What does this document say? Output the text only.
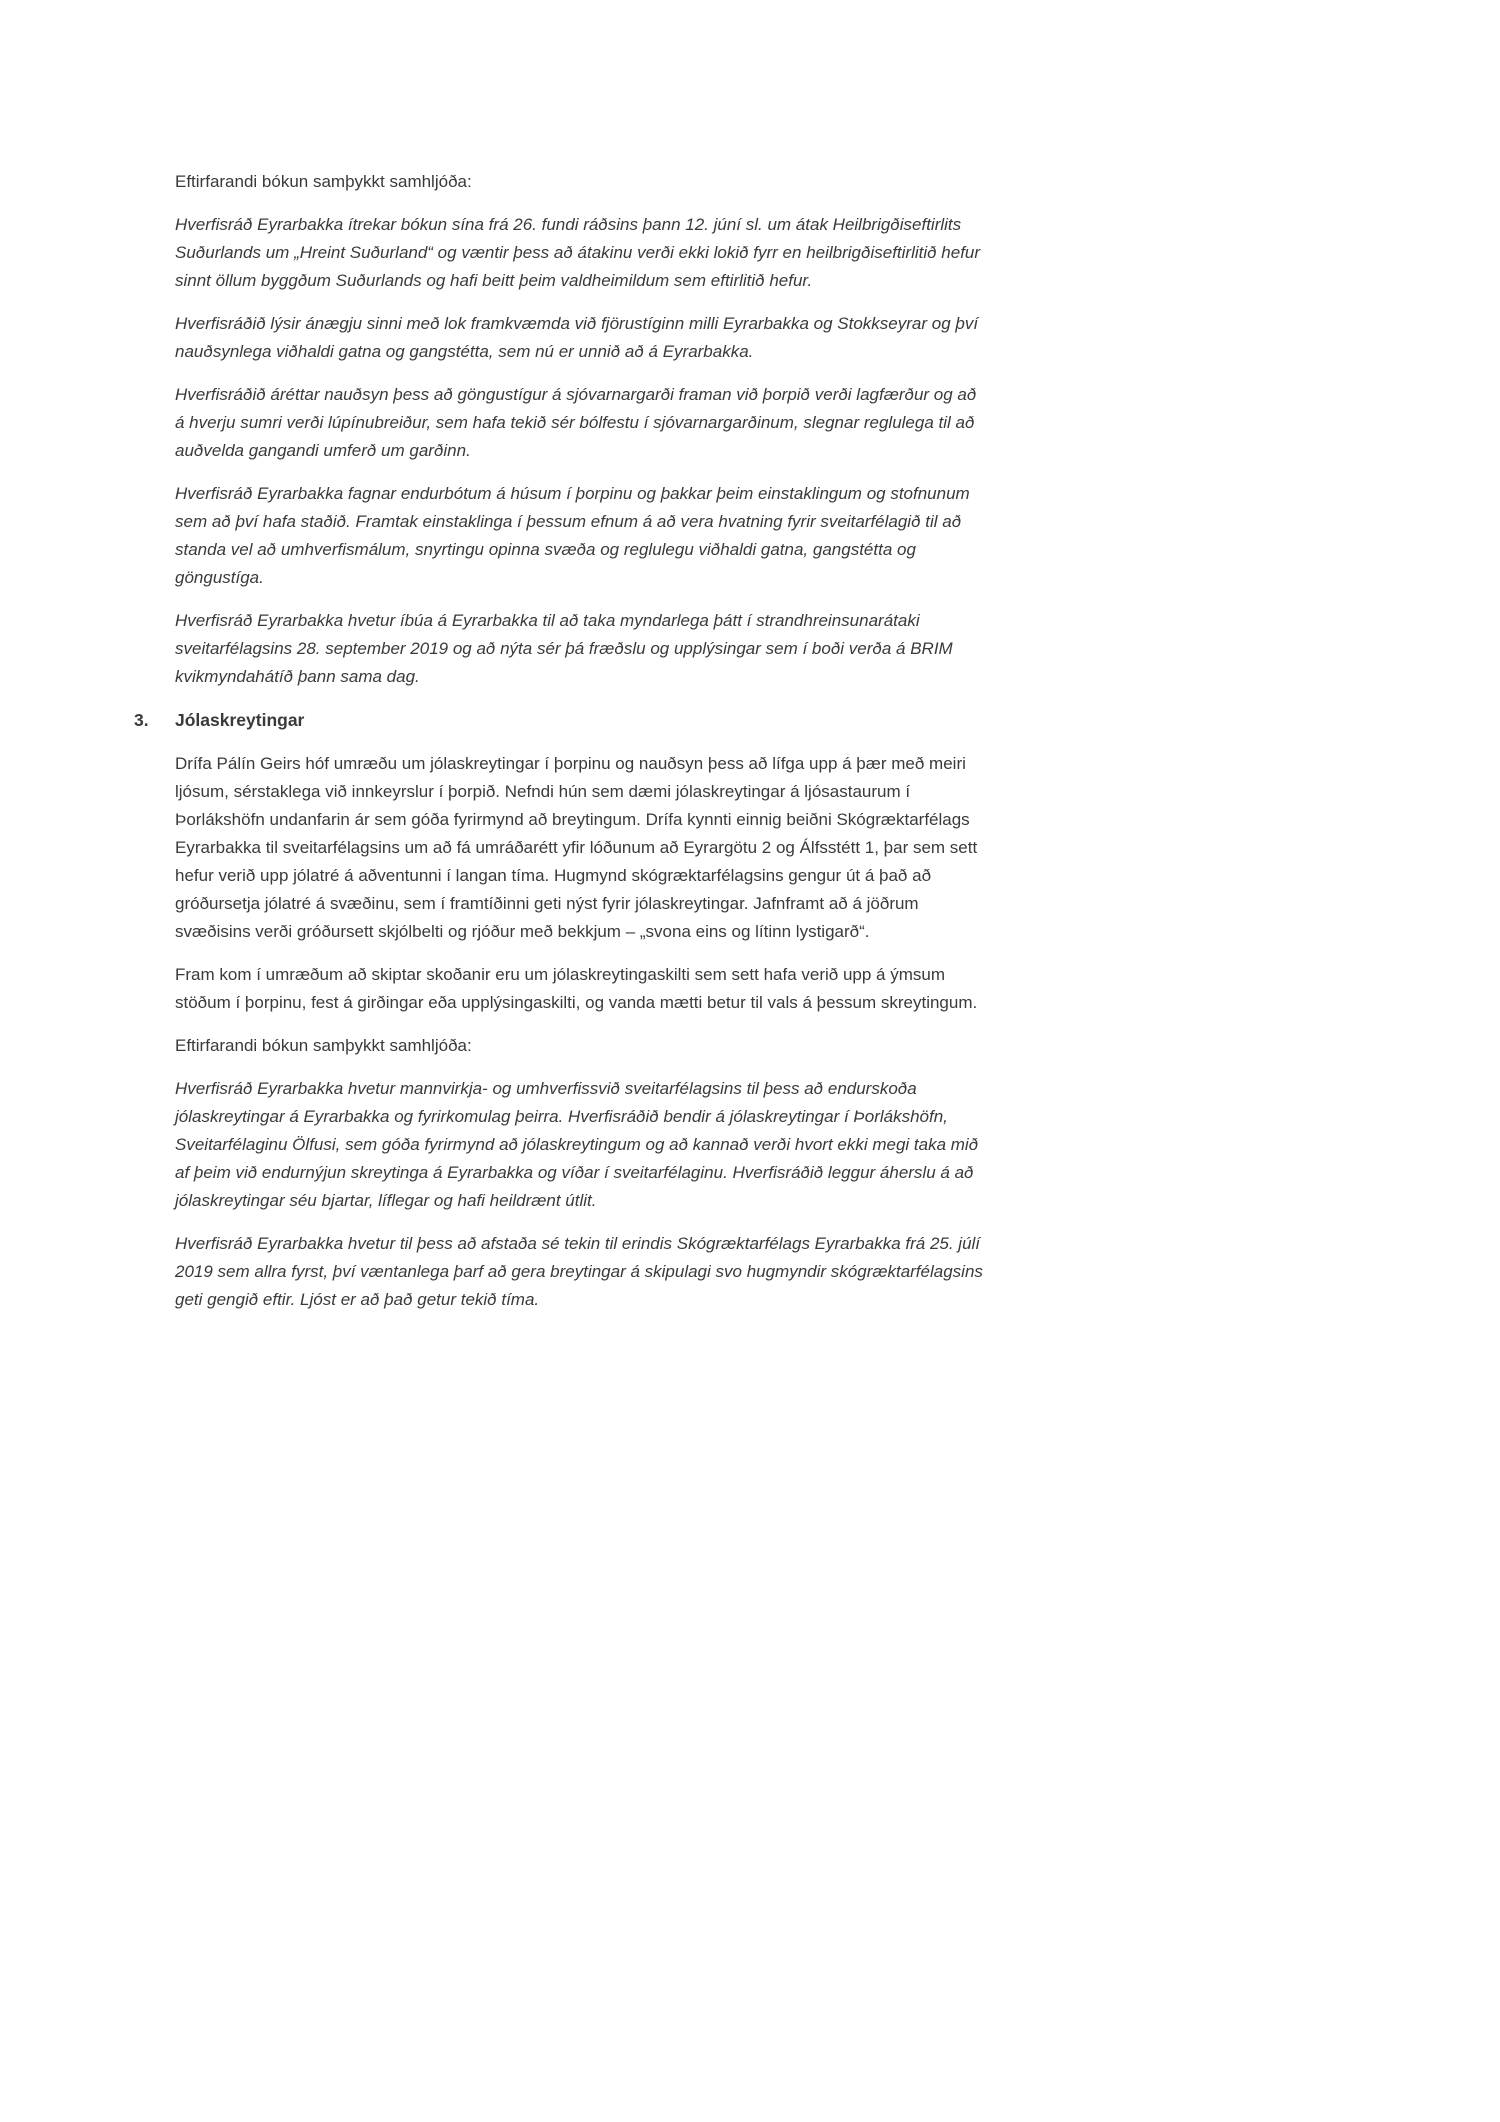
Eftirfarandi bókun samþykkt samhljóða:

Hverfisráð Eyrarbakka ítrekar bókun sína frá 26. fundi ráðsins þann 12. júní sl. um átak Heilbrigðiseftirlits Suðurlands um „Hreint Suðurland“ og væntir þess að átakinu verði ekki lokið fyrr en heilbrigðiseftirlitið hefur sinnt öllum byggðum Suðurlands og hafi beitt þeim valdheimildum sem eftirlitið hefur.

Hverfisráðið lýsir ánægju sinni með lok framkvæmda við fjörustíginn milli Eyrarbakka og Stokkseyrar og því nauðsynlega viðhaldi gatna og gangstétta, sem nú er unnið að á Eyrarbakka.

Hverfisráðið áréttar nauðsyn þess að göngustígur á sjóvarnargarði framan við þorpið verði lagfærður og að á hverju sumri verði lúpínubreiður, sem hafa tekið sér bólfestu í sjóvarnargarðinum, slegnar reglulega til að auðvelda gangandi umferð um garðinn.

Hverfisráð Eyrarbakka fagnar endurbótum á húsum í þorpinu og þakkar þeim einstaklingum og stofnunum sem að því hafa staðið. Framtak einstaklinga í þessum efnum á að vera hvatning fyrir sveitarfélagið til að standa vel að umhverfismálum, snyrtingu opinna svæða og reglulegu viðhaldi gatna, gangstétta og göngustíga.

Hverfisráð Eyrarbakka hvetur íbúa á Eyrarbakka til að taka myndarlega þátt í strandhreinsunarátaki sveitarfélagsins 28. september 2019 og að nýta sér þá fræðslu og upplýsingar sem í boði verða á BRIM kvikmyndahátíð þann sama dag.

3. Jólaskreytingar

Drífa Pálín Geirs hóf umræðu um jólaskreytingar í þorpinu og nauðsyn þess að lífga upp á þær með meiri ljósum, sérstaklega við innkeyrslur í þorpið. Nefndi hún sem dæmi jólaskreytingar á ljósastaurum í Þorlákshöfn undanfarin ár sem góða fyrirmynd að breytingum. Drífa kynnti einnig beiðni Skógræktarfélags Eyrarbakka til sveitarfélagsins um að fá umráðarétt yfir lóðunum að Eyrargötu 2 og Álfsstétt 1, þar sem sett hefur verið upp jólatré á aðventunni í langan tíma. Hugmynd skógræktarfélagsins gengur út á það að gróðursetja jólatré á svæðinu, sem í framtíðinni geti nýst fyrir jólaskreytingar. Jafnframt að á jöðrum svæðisins verði gróðursett skjólbelti og rjóður með bekkjum – „svona eins og lítinn lystigarð“.

Fram kom í umræðum að skiptar skoðanir eru um jólaskreytingaskilti sem sett hafa verið upp á ýmsum stöðum í þorpinu, fest á girðingar eða upplýsingaskilti, og vanda mætti betur til vals á þessum skreytingum.

Eftirfarandi bókun samþykkt samhljóða:

Hverfisráð Eyrarbakka hvetur mannvirkja- og umhverfissvið sveitarfélagsins til þess að endurskoða jólaskreytingar á Eyrarbakka og fyrirkomulag þeirra. Hverfisráðið bendir á jólaskreytingar í Þorlákshöfn, Sveitarfélaginu Ölfusi, sem góða fyrirmynd að jólaskreytingum og að kannað verði hvort ekki megi taka mið af þeim við endurnýjun skreytinga á Eyrarbakka og víðar í sveitarfélaginu. Hverfisráðið leggur áherslu á að jólaskreytingar séu bjartar, líflegar og hafi heildrænt útlit.

Hverfisráð Eyrarbakka hvetur til þess að afstaða sé tekin til erindis Skógræktarfélags Eyrarbakka frá 25. júlí 2019 sem allra fyrst, því væntanlega þarf að gera breytingar á skipulagi svo hugmyndir skógræktarfélagsins geti gengið eftir. Ljóst er að það getur tekið tíma.
